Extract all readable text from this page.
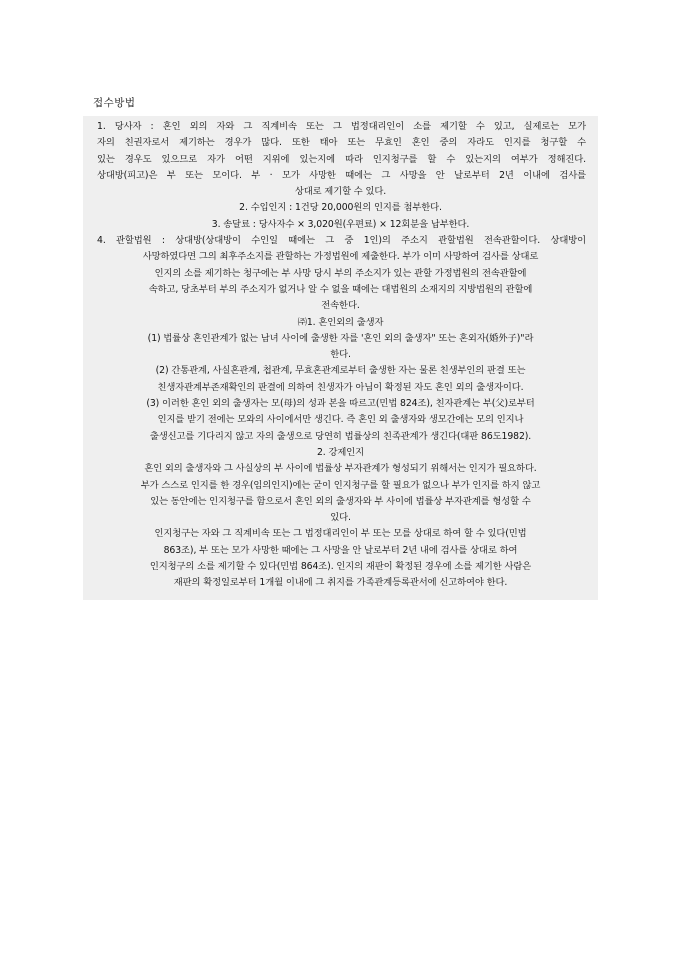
접수방법
1. 당사자 : 혼인 외의 자와 그 직계비속 또는 그 법정대리인이 소를 제기할 수 있고, 실제로는 모가
자의 친권자로서 제기하는 경우가 많다. 또한 태아 또는 무효인 혼인 중의 자라도 인지를 청구할 수
있는 경우도 있으므로 자가 어떤 지위에 있는지에 따라 인지청구를 할 수 있는지의 여부가 정해진다.
상대방(피고)은 부 또는 모이다. 부 · 모가 사망한 때에는 그 사망을 안 날로부터 2년 이내에 검사를
상대로 제기할 수 있다.
2. 수입인지 : 1건당 20,000원의 인지를 첨부한다.
3. 송달료 : 당사자수 × 3,020원(우편료) × 12회분을 납부한다.
4. 관할법원 : 상대방(상대방이 수인일 때에는 그 중 1인)의 주소지 관할법원 전속관할이다. 상대방이
사망하였다면 그의 최후주소지를 관할하는 가정법원에 제출한다. 부가 이미 사망하여 검사를 상대로
인지의 소를 제기하는 청구에는 부 사망 당시 부의 주소지가 있는 관할 가정법원의 전속관할에
속하고, 당초부터 부의 주소지가 없거나 알 수 없을 때에는 대법원의 소재지의 지방법원의 관할에
전속한다.
㈜1. 혼인외의 출생자
(1) 법률상 혼인관계가 없는 남녀 사이에 출생한 자를 '혼인 외의 출생자" 또는 혼외자(婚外子)"라
한다.
(2) 간통관계, 사실혼관계, 첩관계, 무효혼관계로부터 출생한 자는 물론 친생부인의 판결 또는
친생자관계부존재확인의 판결에 의하여 친생자가 아님이 확정된 자도 혼인 외의 출생자이다.
(3) 이러한 혼인 외의 출생자는 모(母)의 성과 본을 따르고(민법 824조), 친자관계는 부(父)로부터
인지를 받기 전에는 모와의 사이에서만 생긴다. 즉 혼인 외 출생자와 생모간에는 모의 인지나
출생신고를 기다리지 않고 자의 출생으로 당연히 법률상의 친족관계가 생긴다(대판 86도1982).
2. 강제인지
혼인 외의 출생자와 그 사실상의 부 사이에 법률상 부자관계가 형성되기 위해서는 인지가 필요하다.
부가 스스로 인지를 한 경우(임의인지)에는 굳이 인지청구를 할 필요가 없으나 부가 인지를 하지 않고
있는 동안에는 인지청구를 함으로서 혼인 외의 출생자와 부 사이에 법률상 부자관계를 형성할 수
있다.
인지청구는 자와 그 직계비속 또는 그 법정대리인이 부 또는 모를 상대로 하여 할 수 있다(민법
863조), 부 또는 모가 사망한 때에는 그 사망을 안 날로부터 2년 내에 검사를 상대로 하여
인지청구의 소를 제기할 수 있다(민법 864조). 인지의 재판이 확정된 경우에 소를 제기한 사람은
재판의 확정일로부터 1개월 이내에 그 취지를 가족관계등록관서에 신고하여야 한다.
